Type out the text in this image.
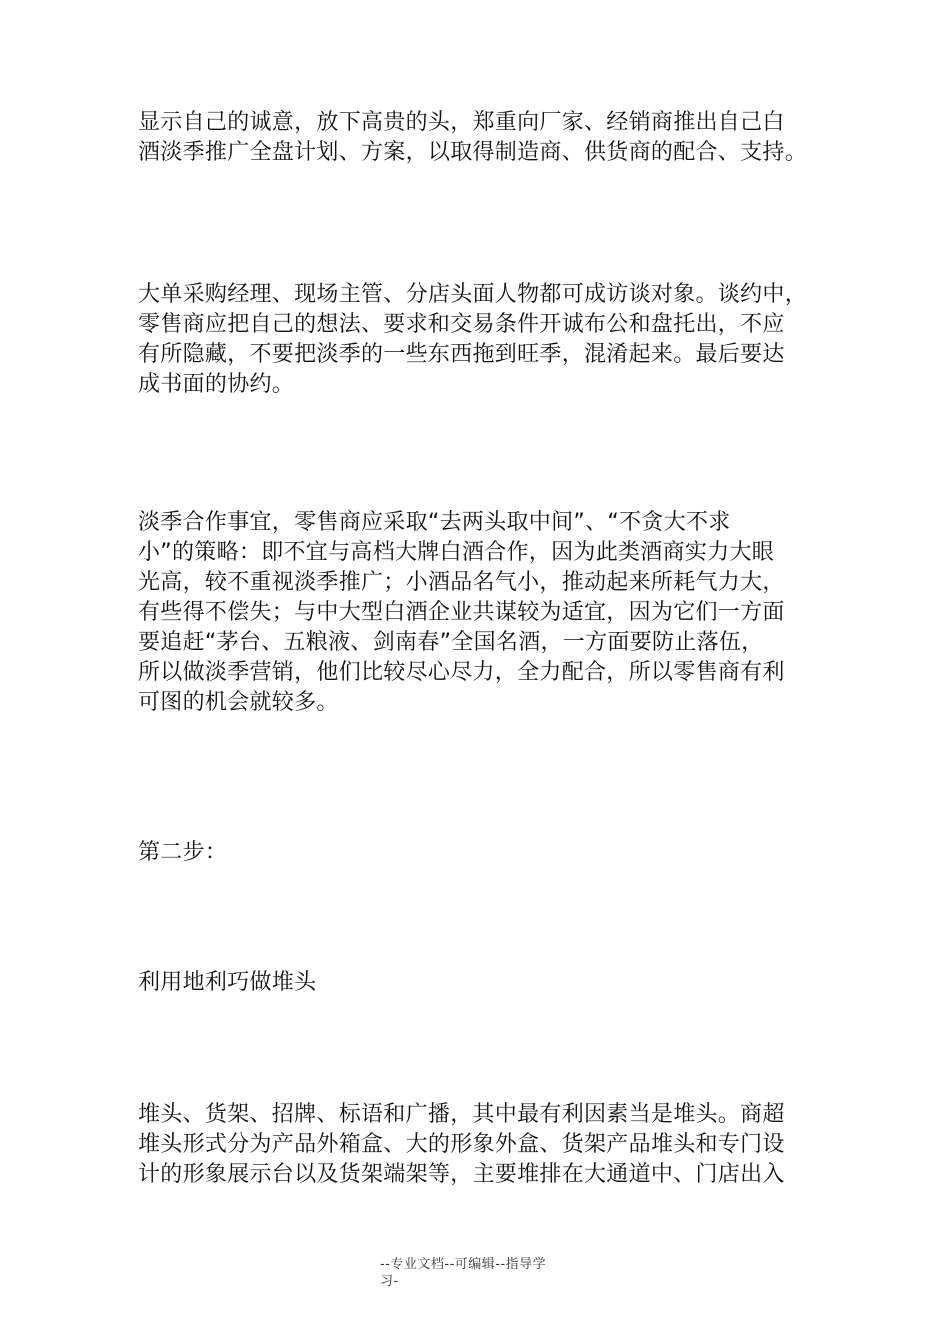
显示自己的诚意，放下高贵的头，郑重向厂家、经销商推出自己白
酒淡季推广全盘计划、方案，以取得制造商、供货商的配合、支持。

大单采购经理、现场主管、分店头面人物都可成访谈对象。谈约中，
零售商应把自己的想法、要求和交易条件开诚布公和盘托出，不应
有所隐藏，不要把淡季的一些东西拖到旺季，混淆起来。最后要达
成书面的协约。

淡季合作事宜，零售商应采取“去两头取中间”、“不贪大不求
小”的策略：即不宜与高档大牌白酒合作，因为此类酒商实力大眼
光高，较不重视淡季推广；小酒品名气小，推动起来所耗气力大，
有些得不偿失；与中大型白酒企业共谋较为适宜，因为它们一方面
要追赶“茅台、五粮液、剑南春”全国名酒，一方面要防止落伍，
所以做淡季营销，他们比较尽心尽力，全力配合，所以零售商有利
可图的机会就较多。

第二步：

利用地利巧做堆头

堆头、货架、招牌、标语和广播，其中最有利因素当是堆头。商超
堆头形式分为产品外箱盒、大的形象外盒、货架产品堆头和专门设
计的形象展示台以及货架端架等，主要堆排在大通道中、门店出入

--专业文档--可编辑--指导学
习-
